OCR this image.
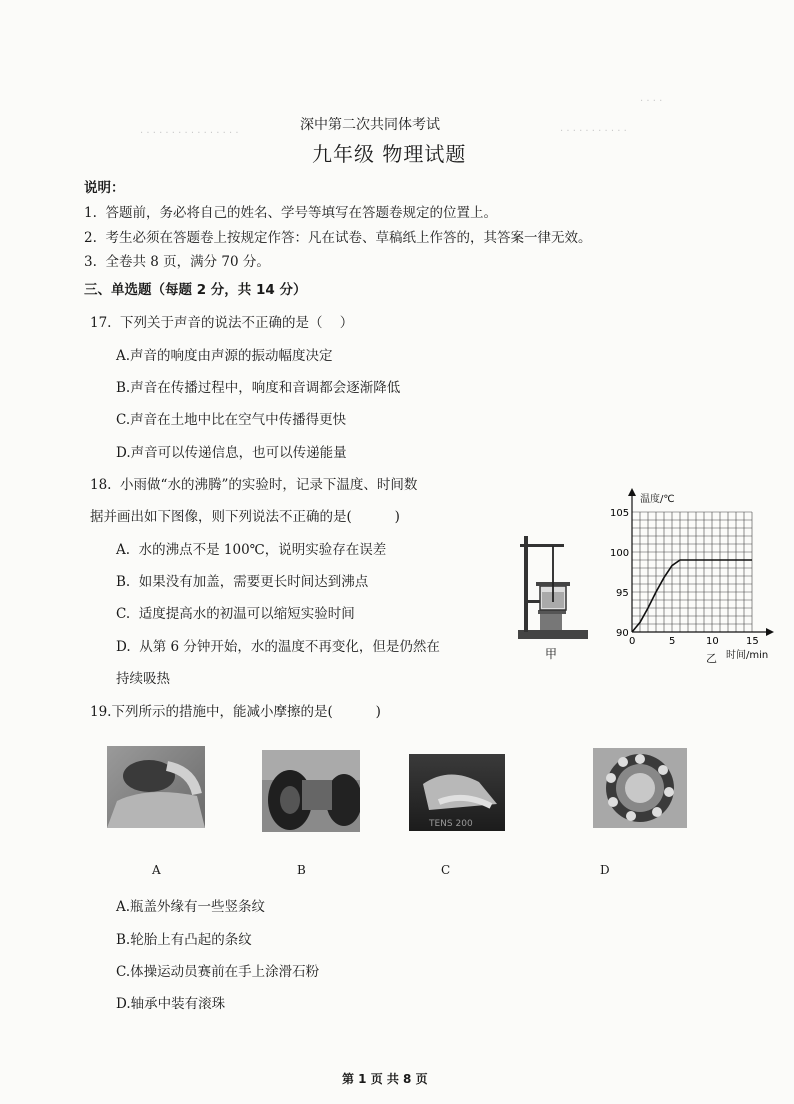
· · · · · · · · · · · · · · · ·	· · · · · · · · · · ·
· · · ·
深中第二次共同体考试
九年级 物理试题
说明：
1.  答题前，务必将自己的姓名、学号等填写在答题卷规定的位置上。
2.  考生必须在答题卷上按规定作答：凡在试卷、草稿纸上作答的，其答案一律无效。
3.  全卷共 8 页，满分 70 分。
三、单选题（每题 2 分，共 14 分）
17.  下列关于声音的说法不正确的是（    ）
A.声音的响度由声源的振动幅度决定
B.声音在传播过程中，响度和音调都会逐渐降低
C.声音在土地中比在空气中传播得更快
D.声音可以传递信息，也可以传递能量
18.  小雨做“水的沸腾”的实验时，记录下温度、时间数
据并画出如下图像，则下列说法不正确的是(          )
A.  水的沸点不是 100℃，说明实验存在误差
B.  如果没有加盖，需要更长时间达到沸点
C.  适度提高水的初温可以缩短实验时间
D.  从第 6 分钟开始，水的温度不再变化，但是仍然在
持续吸热
甲
0	5	10	15
90
95
100
105
温度/℃
时间/min
乙
19.下列所示的措施中，能减小摩擦的是(          )
TENS 200
A	B	C	D
A.瓶盖外缘有一些竖条纹
B.轮胎上有凸起的条纹
C.体操运动员赛前在手上涂滑石粉
D.轴承中装有滚珠
第 1 页 共 8 页
